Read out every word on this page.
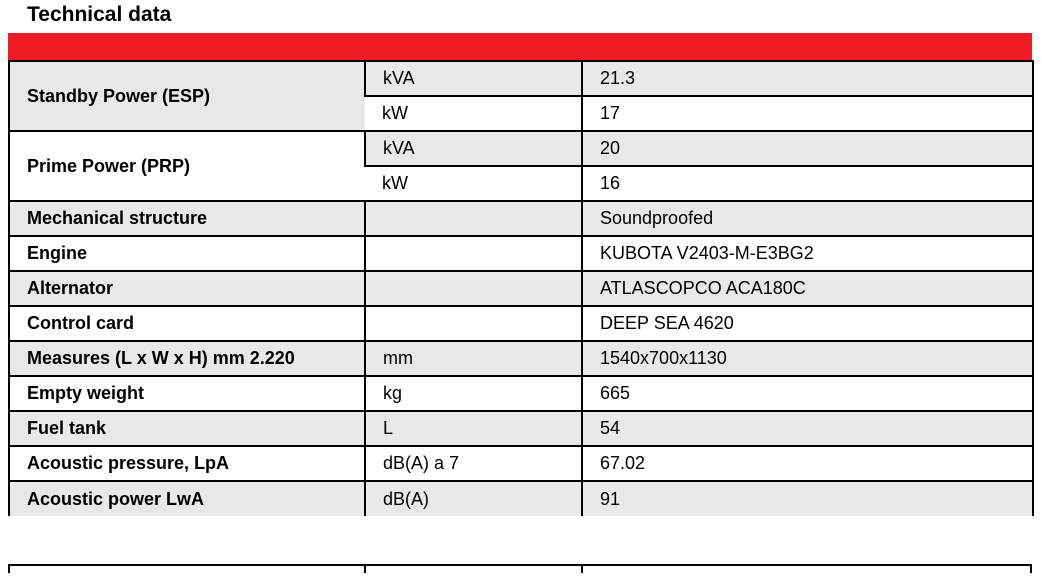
Technical data
Standby Power (ESP)	kVA	21.3
	kW	17
Prime Power (PRP)	kVA	20
	kW	16
Mechanical structure		Soundproofed
Engine		KUBOTA V2403-M-E3BG2
Alternator		ATLASCOPCO ACA180C
Control card		DEEP SEA 4620
Measures (L x W x H) mm 2.220	mm	1540x700x1130
Empty weight	kg	665
Fuel tank	L	54
Acoustic pressure, LpA	dB(A) a 7	67.02
Acoustic power LwA	dB(A)	91
